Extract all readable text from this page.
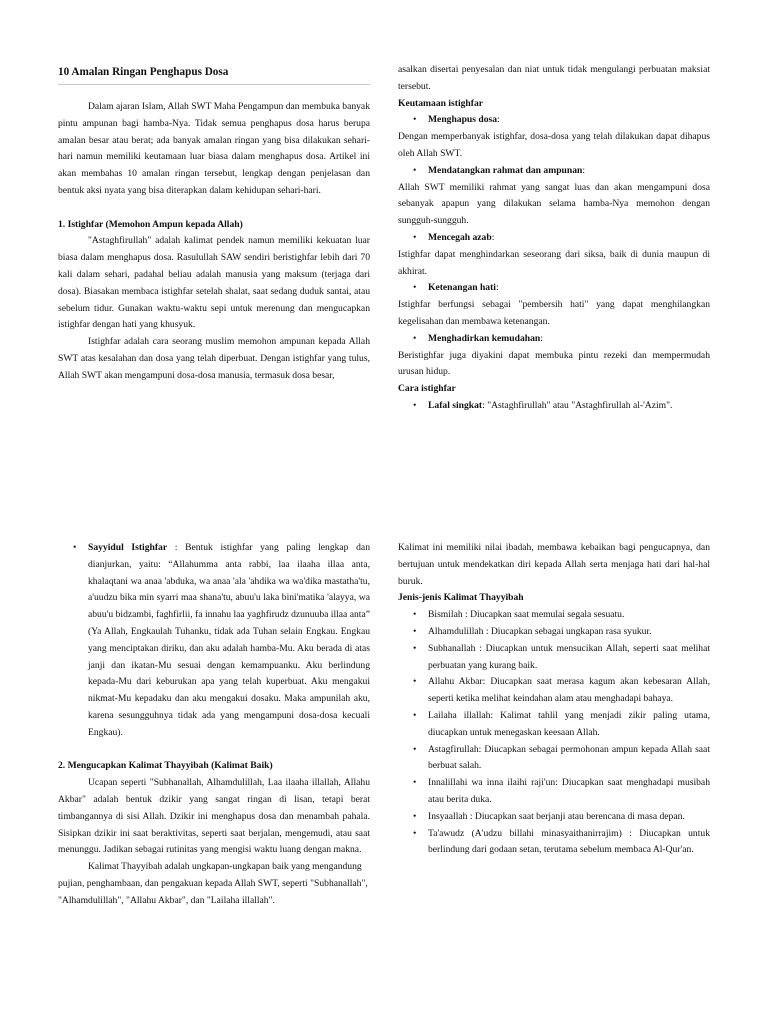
10 Amalan Ringan Penghapus Dosa

Dalam ajaran Islam, Allah SWT Maha Pengampun dan membuka banyak pintu ampunan bagi hamba-Nya. Tidak semua penghapus dosa harus berupa amalan besar atau berat; ada banyak amalan ringan yang bisa dilakukan sehari-hari namun memiliki keutamaan luar biasa dalam menghapus dosa. Artikel ini akan membahas 10 amalan ringan tersebut, lengkap dengan penjelasan dan bentuk aksi nyata yang bisa diterapkan dalam kehidupan sehari-hari.

1. Istighfar (Memohon Ampun kepada Allah)

"Astaghfirullah" adalah kalimat pendek namun memiliki kekuatan luar biasa dalam menghapus dosa. Rasulullah SAW sendiri beristighfar lebih dari 70 kali dalam sehari, padahal beliau adalah manusia yang maksum (terjaga dari dosa). Biasakan membaca istighfar setelah shalat, saat sedang duduk santai, atau sebelum tidur. Gunakan waktu-waktu sepi untuk merenung dan mengucapkan istighfar dengan hati yang khusyuk.

Istighfar adalah cara seorang muslim memohon ampunan kepada Allah SWT atas kesalahan dan dosa yang telah diperbuat. Dengan istighfar yang tulus, Allah SWT akan mengampuni dosa-dosa manusia, termasuk dosa besar,

asalkan disertai penyesalan dan niat untuk tidak mengulangi perbuatan maksiat tersebut.

Keutamaan istighfar
• Menghapus dosa:

Dengan memperbanyak istighfar, dosa-dosa yang telah dilakukan dapat dihapus oleh Allah SWT.

• Mendatangkan rahmat dan ampunan:

Allah SWT memiliki rahmat yang sangat luas dan akan mengampuni dosa sebanyak apapun yang dilakukan selama hamba-Nya memohon dengan sungguh-sungguh.

• Mencegah azab:

Istighfar dapat menghindarkan seseorang dari siksa, baik di dunia maupun di akhirat.

• Ketenangan hati:

Istighfar berfungsi sebagai "pembersih hati" yang dapat menghilangkan kegelisahan dan membawa ketenangan.

• Menghadirkan kemudahan:

Beristighfar juga diyakini dapat membuka pintu rezeki dan mempermudah urusan hidup.

Cara istighfar
• Lafal singkat: "Astaghfirullah" atau "Astaghfirullah al-'Azim".
• Sayyidul Istighfar : Bentuk istighfar yang paling lengkap dan dianjurkan, yaitu: “Allahumma anta rabbi, laa ilaaha illaa anta, khalaqtani wa anaa 'abduka, wa anaa 'ala 'ahdika wa wa'dika mastatha'tu, a'uudzu bika min syarri maa shana'tu, abuu'u laka bini'matika 'alayya, wa abuu'u bidzambi, faghfirlii, fa innahu laa yaghfirudz dzunuuba illaa anta” (Ya Allah, Engkaulah Tuhanku, tidak ada Tuhan selain Engkau. Engkau yang menciptakan diriku, dan aku adalah hamba-Mu. Aku berada di atas janji dan ikatan-Mu sesuai dengan kemampuanku. Aku berlindung kepada-Mu dari keburukan apa yang telah kuperbuat. Aku mengakui nikmat-Mu kepadaku dan aku mengakui dosaku. Maka ampunilah aku, karena sesungguhnya tidak ada yang mengampuni dosa-dosa kecuali Engkau).
2. Mengucapkan Kalimat Thayyibah (Kalimat Baik)

Ucapan seperti "Subhanallah, Alhamdulillah, Laa ilaaha illallah, Allahu Akbar" adalah bentuk dzikir yang sangat ringan di lisan, tetapi berat timbangannya di sisi Allah. Dzikir ini menghapus dosa dan menambah pahala. Sisipkan dzikir ini saat beraktivitas, seperti saat berjalan, mengemudi, atau saat menunggu. Jadikan sebagai rutinitas yang mengisi waktu luang dengan makna.

Kalimat Thayyibah adalah ungkapan-ungkapan baik yang mengandung pujian, penghambaan, dan pengakuan kepada Allah SWT, seperti "Subhanallah", "Alhamdulillah", "Allahu Akbar", dan "Lailaha illallah".

Kalimat ini memiliki nilai ibadah, membawa kebaikan bagi pengucapnya, dan bertujuan untuk mendekatkan diri kepada Allah serta menjaga hati dari hal-hal buruk.

Jenis-jenis Kalimat Thayyibah
• Bismilah : Diucapkan saat memulai segala sesuatu.
• Alhamdulillah : Diucapkan sebagai ungkapan rasa syukur.
• Subhanallah : Diucapkan untuk mensucikan Allah, seperti saat melihat perbuatan yang kurang baik.
• Allahu Akbar: Diucapkan saat merasa kagum akan kebesaran Allah, seperti ketika melihat keindahan alam atau menghadapi bahaya.
• Lailaha illallah: Kalimat tahlil yang menjadi zikir paling utama, diucapkan untuk menegaskan keesaan Allah.
• Astagfirullah: Diucapkan sebagai permohonan ampun kepada Allah saat berbuat salah.
• Innalillahi wa inna ilaihi raji'un: Diucapkan saat menghadapi musibah atau berita duka.
• Insyaallah : Diucapkan saat berjanji atau berencana di masa depan.
• Ta'awudz (A'udzu billahi minasyaithanirrajim) : Diucapkan untuk berlindung dari godaan setan, terutama sebelum membaca Al-Qur'an.
